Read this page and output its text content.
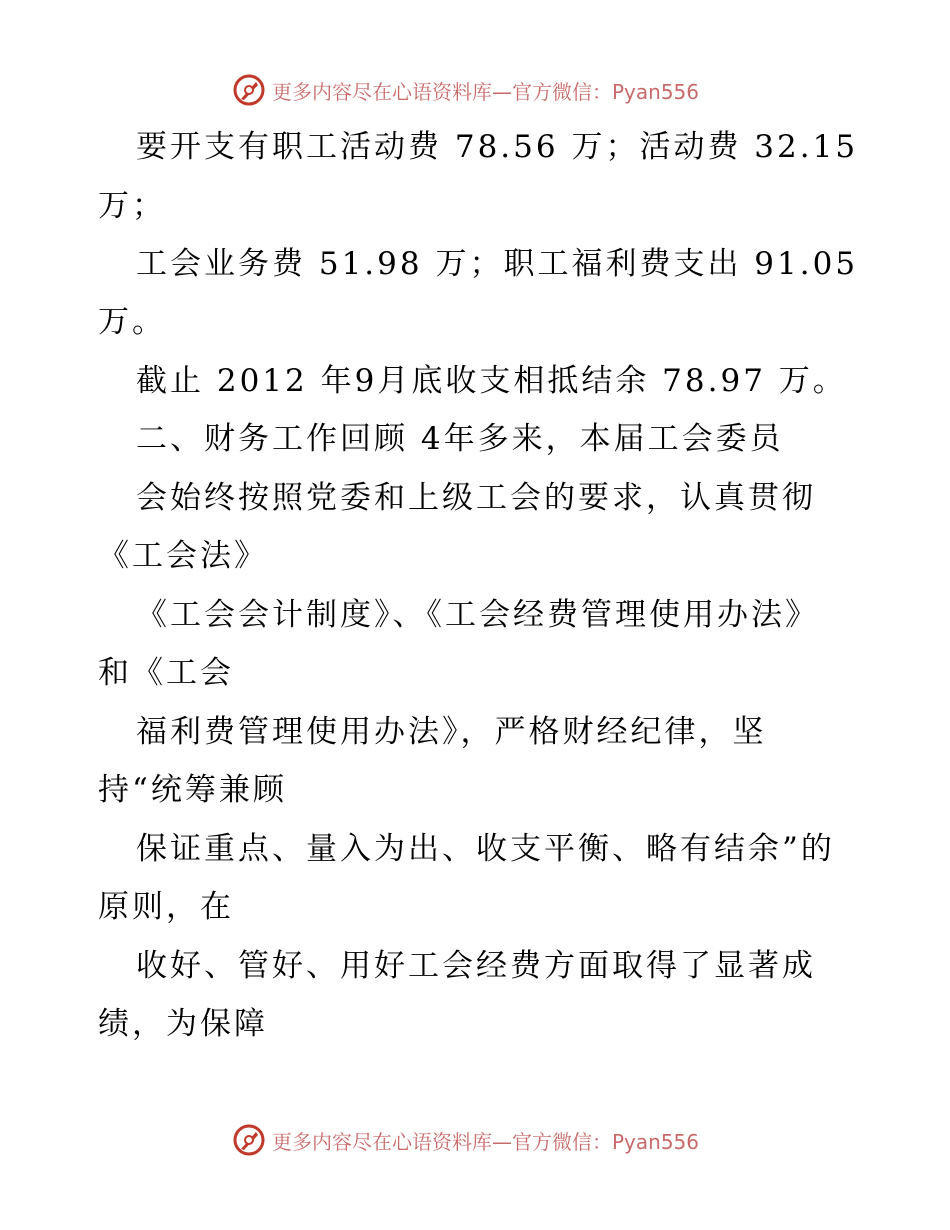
更多内容尽在心语资料库—官方微信：Pyan556
要开支有职工活动费 78.56 万；活动费 32.15
万；
工会业务费 51.98 万；职工福利费支出 91.05
万。
截止 2012 年9月底收支相抵结余 78.97 万。
二、财务工作回顾 4年多来，本届工会委员
会始终按照党委和上级工会的要求，认真贯彻
《工会法》
《工会会计制度》、《工会经费管理使用办法》
和《工会
福利费管理使用办法》，严格财经纪律，坚
持“统筹兼顾
保证重点、量入为出、收支平衡、略有结余”的
原则，在
收好、管好、用好工会经费方面取得了显著成
绩，为保障
更多内容尽在心语资料库—官方微信：Pyan556
